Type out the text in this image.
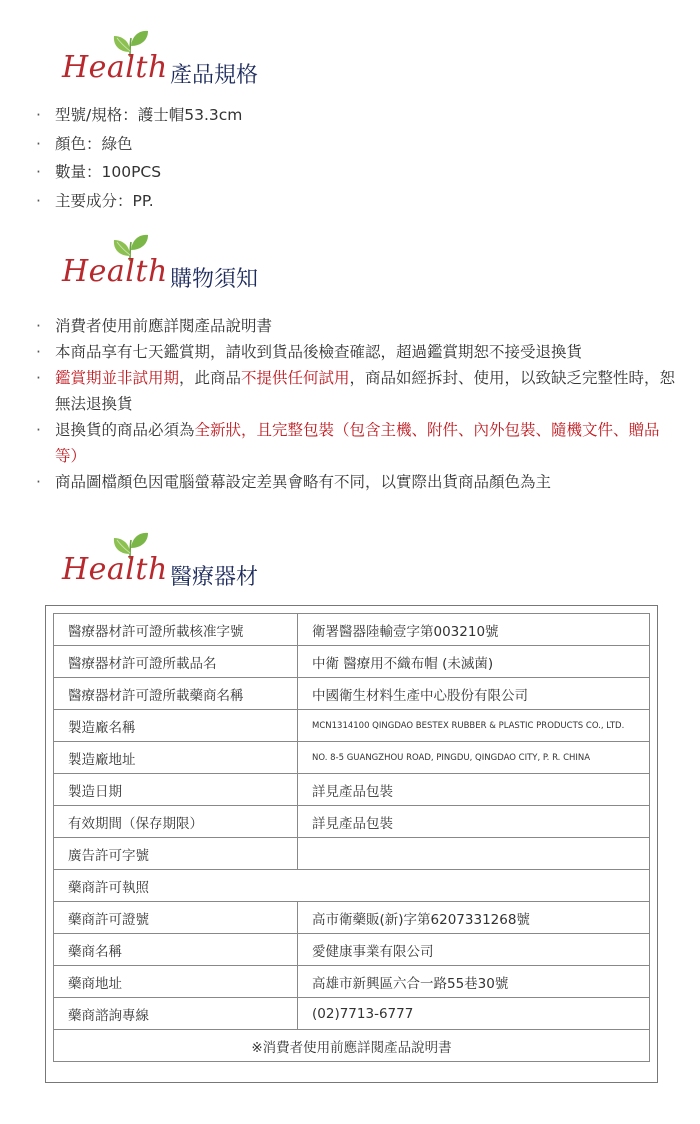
Health 產品規格
· 型號/規格：護士帽53.3cm
· 顏色：綠色
· 數量：100PCS
· 主要成分：PP.
Health 購物須知
· 消費者使用前應詳閱產品說明書
· 本商品享有七天鑑賞期，請收到貨品後檢查確認，超過鑑賞期恕不接受退換貨
· 鑑賞期並非試用期，此商品不提供任何試用，商品如經拆封、使用，以致缺乏完整性時，恕無法退換貨
· 退換貨的商品必須為全新狀，且完整包裝（包含主機、附件、內外包裝、隨機文件、贈品等）
· 商品圖檔顏色因電腦螢幕設定差異會略有不同，以實際出貨商品顏色為主
Health 醫療器材
醫療器材許可證所載核准字號	衛署醫器陸輸壹字第003210號
醫療器材許可證所載品名	中衛 醫療用不織布帽 (未滅菌)
醫療器材許可證所載藥商名稱	中國衛生材料生產中心股份有限公司
製造廠名稱	MCN1314100 QINGDAO BESTEX RUBBER & PLASTIC PRODUCTS CO., LTD.
製造廠地址	NO. 8-5 GUANGZHOU ROAD, PINGDU, QINGDAO CITY, P. R. CHINA
製造日期	詳見產品包裝
有效期間（保存期限）	詳見產品包裝
廣告許可字號	
藥商許可執照	
藥商許可證號	高市衛藥販(新)字第6207331268號
藥商名稱	愛健康事業有限公司
藥商地址	高雄市新興區六合一路55巷30號
藥商諮詢專線	(02)7713-6777
※消費者使用前應詳閱產品說明書	
